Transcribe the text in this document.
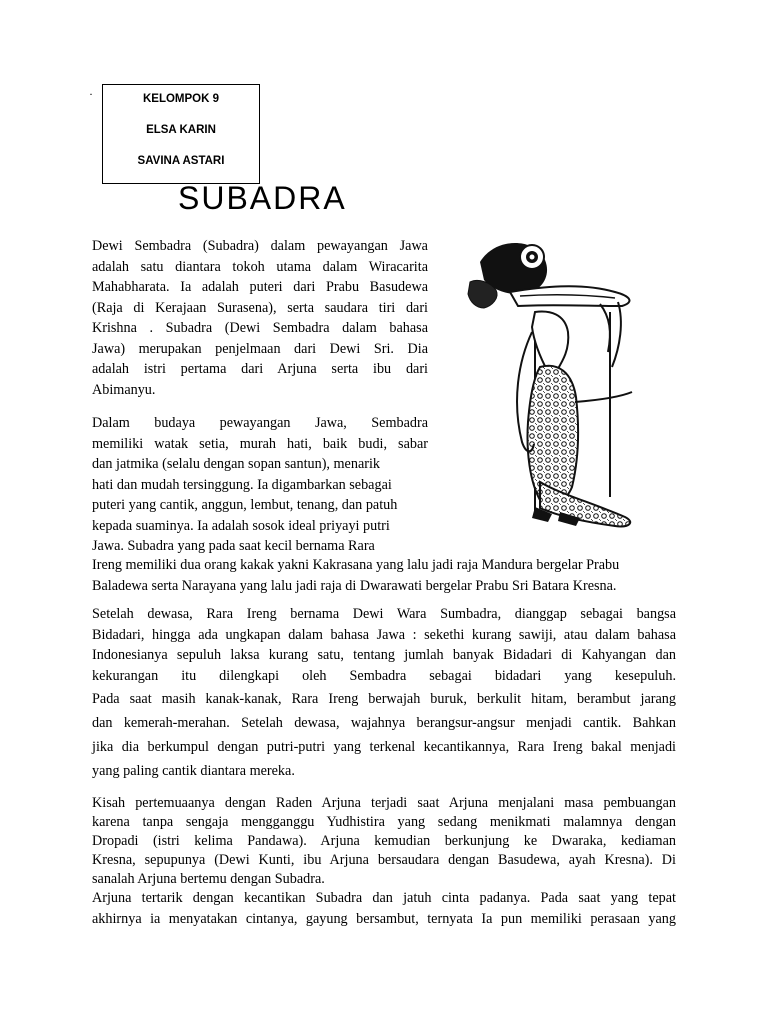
·	KELOMPOK 9
ELSA KARIN
SAVINA ASTARI
SUBADRA
Dewi Sembadra (Subadra) dalam pewayangan Jawa
adalah satu diantara tokoh utama dalam Wiracarita
Mahabharata. Ia adalah puteri dari Prabu Basudewa
(Raja di Kerajaan Surasena), serta saudara tiri dari
Krishna . Subadra (Dewi Sembadra dalam bahasa
Jawa) merupakan penjelmaan dari Dewi Sri. Dia
adalah istri pertama dari Arjuna serta ibu dari
Abimanyu.
Dalam budaya pewayangan Jawa, Sembadra
memiliki watak setia, murah hati, baik budi, sabar
dan jatmika (selalu dengan sopan santun), menarik
hati dan mudah tersinggung. Ia digambarkan sebagai
puteri yang cantik, anggun, lembut, tenang, dan patuh
kepada suaminya. Ia adalah sosok ideal priyayi putri
Jawa. Subadra yang pada saat kecil bernama Rara
Ireng memiliki dua orang kakak yakni Kakrasana yang lalu jadi raja Mandura bergelar Prabu
Baladewa serta Narayana yang lalu jadi raja di Dwarawati bergelar Prabu Sri Batara Kresna.
Setelah dewasa, Rara Ireng bernama Dewi Wara Sumbadra, dianggap sebagai bangsa
Bidadari, hingga ada ungkapan dalam bahasa Jawa : sekethi kurang sawiji, atau dalam bahasa
Indonesianya sepuluh laksa kurang satu, tentang jumlah banyak Bidadari di Kahyangan dan
kekurangan itu dilengkapi oleh Sembadra sebagai bidadari yang kesepuluh.
Pada saat masih kanak-kanak, Rara Ireng berwajah buruk, berkulit hitam, berambut jarang
dan kemerah-merahan. Setelah dewasa, wajahnya berangsur-angsur menjadi cantik. Bahkan
jika dia berkumpul dengan putri-putri yang terkenal kecantikannya, Rara Ireng bakal menjadi
yang paling cantik diantara mereka.
Kisah pertemuaanya dengan Raden Arjuna terjadi saat Arjuna menjalani masa pembuangan
karena tanpa sengaja mengganggu Yudhistira yang sedang menikmati malamnya dengan
Dropadi (istri kelima Pandawa). Arjuna kemudian berkunjung ke Dwaraka, kediaman
Kresna, sepupunya (Dewi Kunti, ibu Arjuna bersaudara dengan Basudewa, ayah Kresna). Di
sanalah Arjuna bertemu dengan Subadra.
Arjuna tertarik dengan kecantikan Subadra dan jatuh cinta padanya. Pada saat yang tepat
akhirnya ia menyatakan cintanya, gayung bersambut, ternyata Ia pun memiliki perasaan yang
